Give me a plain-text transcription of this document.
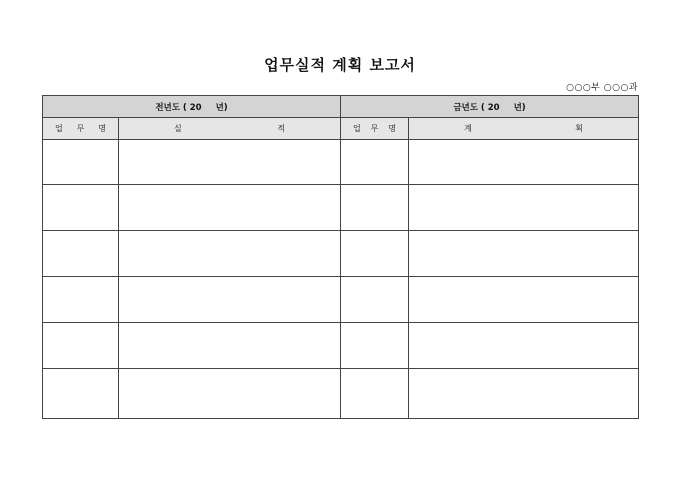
업무실적 계획 보고서
○○○부 ○○○과
전년도 ( 20 년)		금년도 ( 20 년)	

업 무 명	실 적	업 무 명	계 획
